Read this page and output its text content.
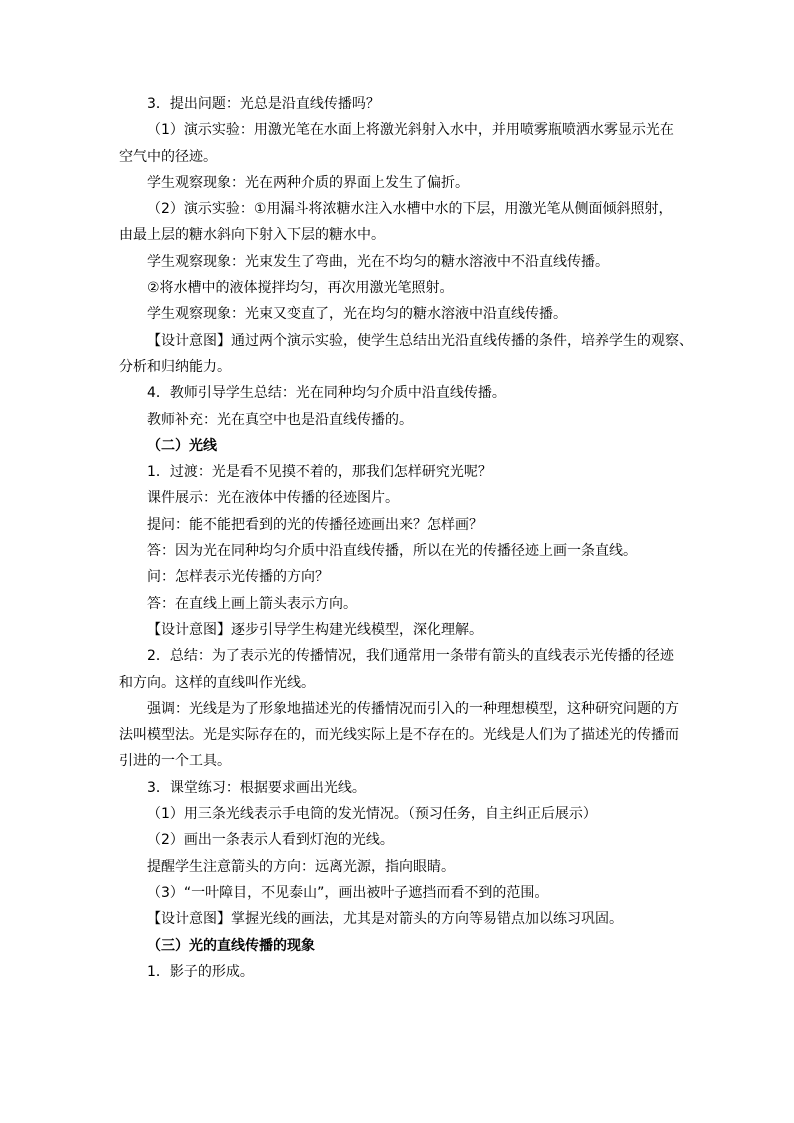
3．提出问题：光总是沿直线传播吗？

（1）演示实验：用激光笔在水面上将激光斜射入水中，并用喷雾瓶喷洒水雾显示光在

空气中的径迹。

学生观察现象：光在两种介质的界面上发生了偏折。

（2）演示实验：①用漏斗将浓糖水注入水槽中水的下层，用激光笔从侧面倾斜照射，

由最上层的糖水斜向下射入下层的糖水中。

学生观察现象：光束发生了弯曲，光在不均匀的糖水溶液中不沿直线传播。

②将水槽中的液体搅拌均匀，再次用激光笔照射。

学生观察现象：光束又变直了，光在均匀的糖水溶液中沿直线传播。

【设计意图】通过两个演示实验，使学生总结出光沿直线传播的条件，培养学生的观察、

分析和归纳能力。

4．教师引导学生总结：光在同种均匀介质中沿直线传播。

教师补充：光在真空中也是沿直线传播的。

（二）光线

1．过渡：光是看不见摸不着的，那我们怎样研究光呢？

课件展示：光在液体中传播的径迹图片。

提问：能不能把看到的光的传播径迹画出来？怎样画？

答：因为光在同种均匀介质中沿直线传播，所以在光的传播径迹上画一条直线。

问：怎样表示光传播的方向？

答：在直线上画上箭头表示方向。

【设计意图】逐步引导学生构建光线模型，深化理解。

2．总结：为了表示光的传播情况，我们通常用一条带有箭头的直线表示光传播的径迹

和方向。这样的直线叫作光线。

强调：光线是为了形象地描述光的传播情况而引入的一种理想模型，这种研究问题的方

法叫模型法。光是实际存在的，而光线实际上是不存在的。光线是人们为了描述光的传播而

引进的一个工具。

3．课堂练习：根据要求画出光线。

（1）用三条光线表示手电筒的发光情况。（预习任务，自主纠正后展示）

（2）画出一条表示人看到灯泡的光线。

提醒学生注意箭头的方向：远离光源，指向眼睛。

（3）“一叶障目，不见泰山”，画出被叶子遮挡而看不到的范围。

【设计意图】掌握光线的画法，尤其是对箭头的方向等易错点加以练习巩固。

（三）光的直线传播的现象

1．影子的形成。
